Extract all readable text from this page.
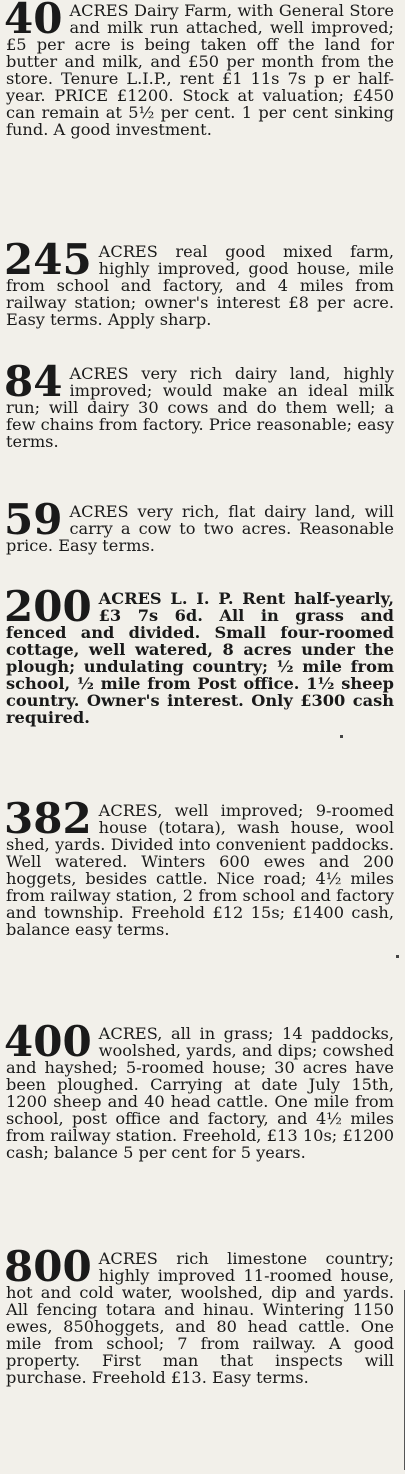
40 ACRES Dairy Farm, with General Store and milk run attached, well improved; £5 per acre is being taken off the land for butter and milk, and £50 per month from the store. Tenure L.I.P., rent £1 11s 7s p er half-year. PRICE £1200. Stock at valuation; £450 can remain at 5½ per cent. 1 per cent sinking fund. A good investment.
245 ACRES real good mixed farm, highly improved, good house, mile from school and factory, and 4 miles from railway station; owner's interest £8 per acre. Easy terms. Apply sharp.
84 ACRES very rich dairy land, highly improved; would make an ideal milk run; will dairy 30 cows and do them well; a few chains from factory. Price reasonable; easy terms.
59 ACRES very rich, flat dairy land, will carry a cow to two acres. Reasonable price. Easy terms.
200 ACRES L. I. P. Rent half-yearly, £3 7s 6d. All in grass and fenced and divided. Small four-roomed cottage, well watered, 8 acres under the plough; undulating country; ½ mile from school, ½ mile from Post office. 1½ sheep country. Owner's interest. Only £300 cash required.
382 ACRES, well improved; 9-roomed house (totara), wash house, wool shed, yards. Divided into convenient paddocks. Well watered. Winters 600 ewes and 200 hoggets, besides cattle. Nice road; 4½ miles from railway station, 2 from school and factory and township. Freehold £12 15s; £1400 cash, balance easy terms.
400 ACRES, all in grass; 14 paddocks, woolshed, yards, and dips; cowshed and hayshed; 5-roomed house; 30 acres have been ploughed. Carrying at date July 15th, 1200 sheep and 40 head cattle. One mile from school, post office and factory, and 4½ miles from railway station. Freehold, £13 10s; £1200 cash; balance 5 per cent for 5 years.
800 ACRES rich limestone country; highly improved 11-roomed house, hot and cold water, woolshed, dip and yards. All fencing totara and hinau. Wintering 1150 ewes, 850hoggets, and 80 head cattle. One mile from school; 7 from railway. A good property. First man that inspects will purchase. Freehold £13. Easy terms.
